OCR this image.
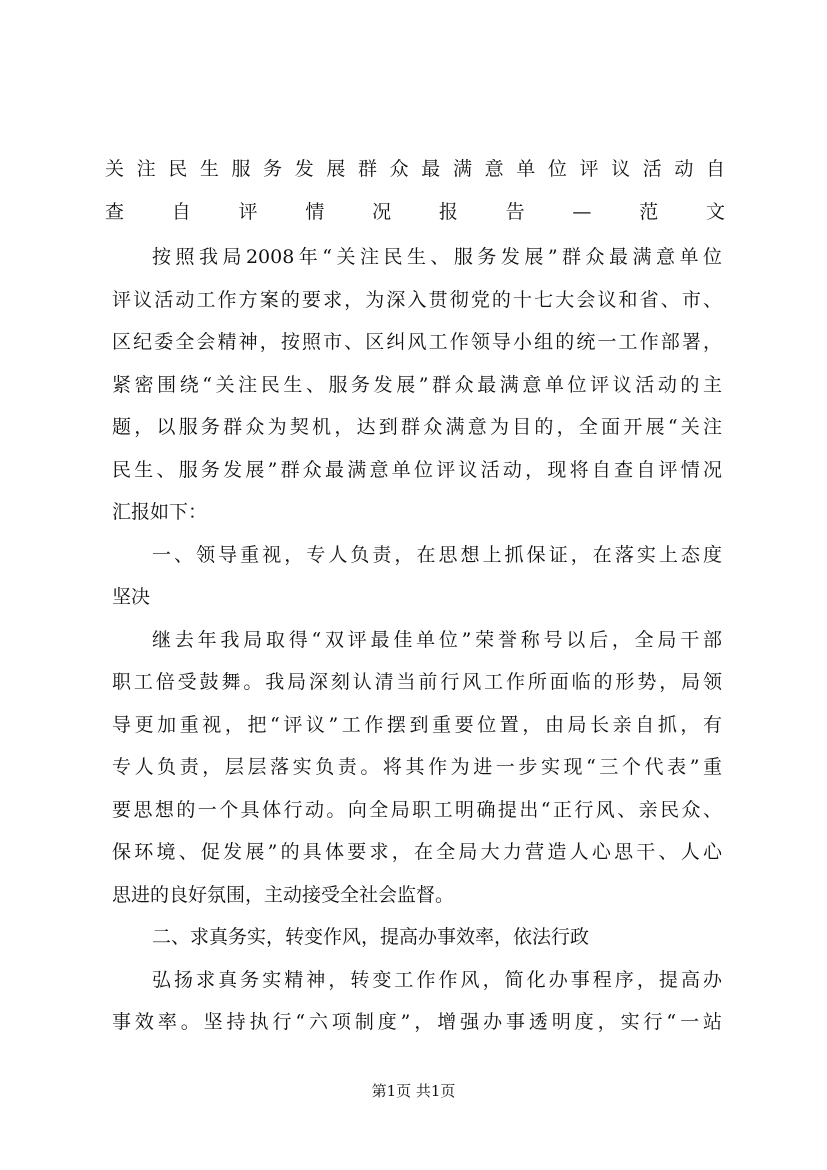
关注民生服务发展群众最满意单位评议活动自
查自评情况报告—范文
按照我局2008年“关注民生、服务发展”群众最满意单位
评议活动工作方案的要求，为深入贯彻党的十七大会议和省、市、
区纪委全会精神，按照市、区纠风工作领导小组的统一工作部署，
紧密围绕“关注民生、服务发展”群众最满意单位评议活动的主
题，以服务群众为契机，达到群众满意为目的，全面开展“关注
民生、服务发展”群众最满意单位评议活动，现将自查自评情况
汇报如下：
一、领导重视，专人负责，在思想上抓保证，在落实上态度
坚决
继去年我局取得“双评最佳单位”荣誉称号以后，全局干部
职工倍受鼓舞。我局深刻认清当前行风工作所面临的形势，局领
导更加重视，把“评议”工作摆到重要位置，由局长亲自抓，有
专人负责，层层落实负责。将其作为进一步实现“三个代表”重
要思想的一个具体行动。向全局职工明确提出“正行风、亲民众、
保环境、促发展”的具体要求，在全局大力营造人心思干、人心
思进的良好氛围，主动接受全社会监督。
二、求真务实，转变作风，提高办事效率，依法行政
弘扬求真务实精神，转变工作作风，简化办事程序，提高办
事效率。坚持执行“六项制度”，增强办事透明度，实行“一站
第1页 共1页
